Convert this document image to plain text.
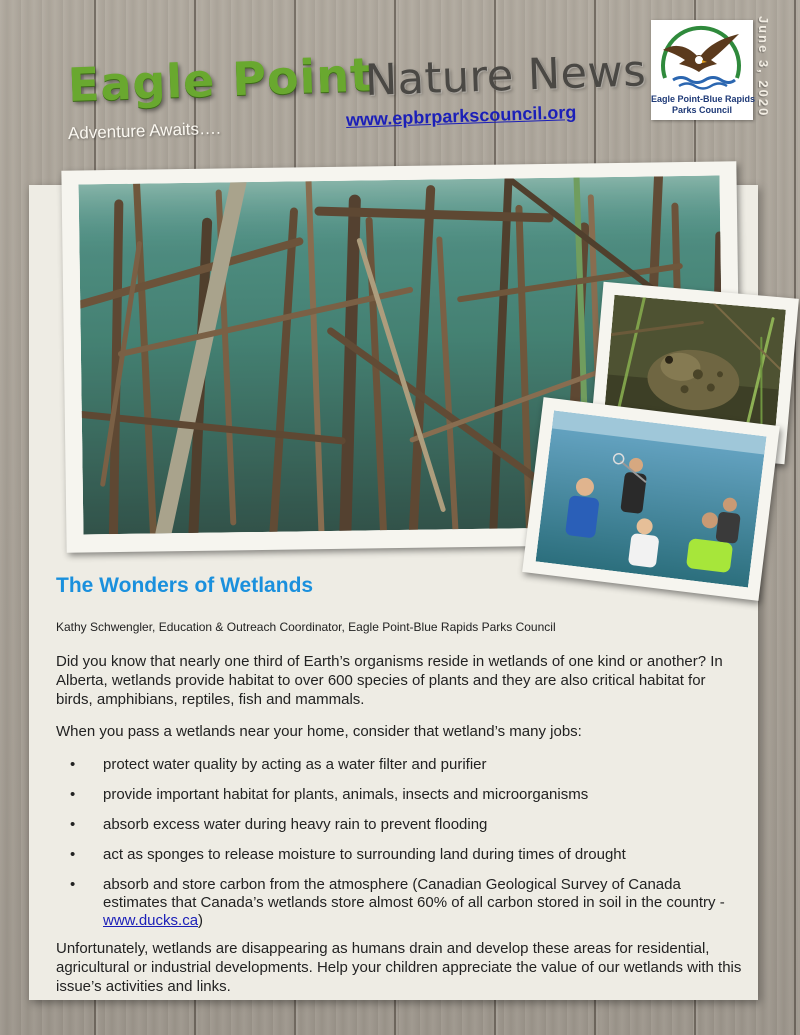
Eagle Point
Adventure Awaits….
Nature News
www.epbrparkscouncil.org
Eagle Point-Blue Rapids
Parks Council	June 3, 2020
The Wonders of Wetlands
Kathy Schwengler, Education & Outreach Coordinator, Eagle Point-Blue Rapids Parks Council

Did you know that nearly one third of Earth’s organisms reside in wetlands of one kind or another? In Alberta, wetlands provide habitat to over 600 species of plants and they are also critical habitat for birds, amphibians, reptiles, fish and mammals.

When you pass a wetlands near your home, consider that wetland’s many jobs:

• protect water quality by acting as a water filter and purifier
• provide important habitat for plants, animals, insects and microorganisms
• absorb excess water during heavy rain to prevent flooding
• act as sponges to release moisture to surrounding land during times of drought
• absorb and store carbon from the atmosphere (Canadian Geological Survey of Canada estimates that Canada’s wetlands store almost 60% of all carbon stored in soil in the country - www.ducks.ca)

Unfortunately, wetlands are disappearing as humans drain and develop these areas for residential, agricultural or industrial developments. Help your children appreciate the value of our wetlands with this issue’s activities and links.
